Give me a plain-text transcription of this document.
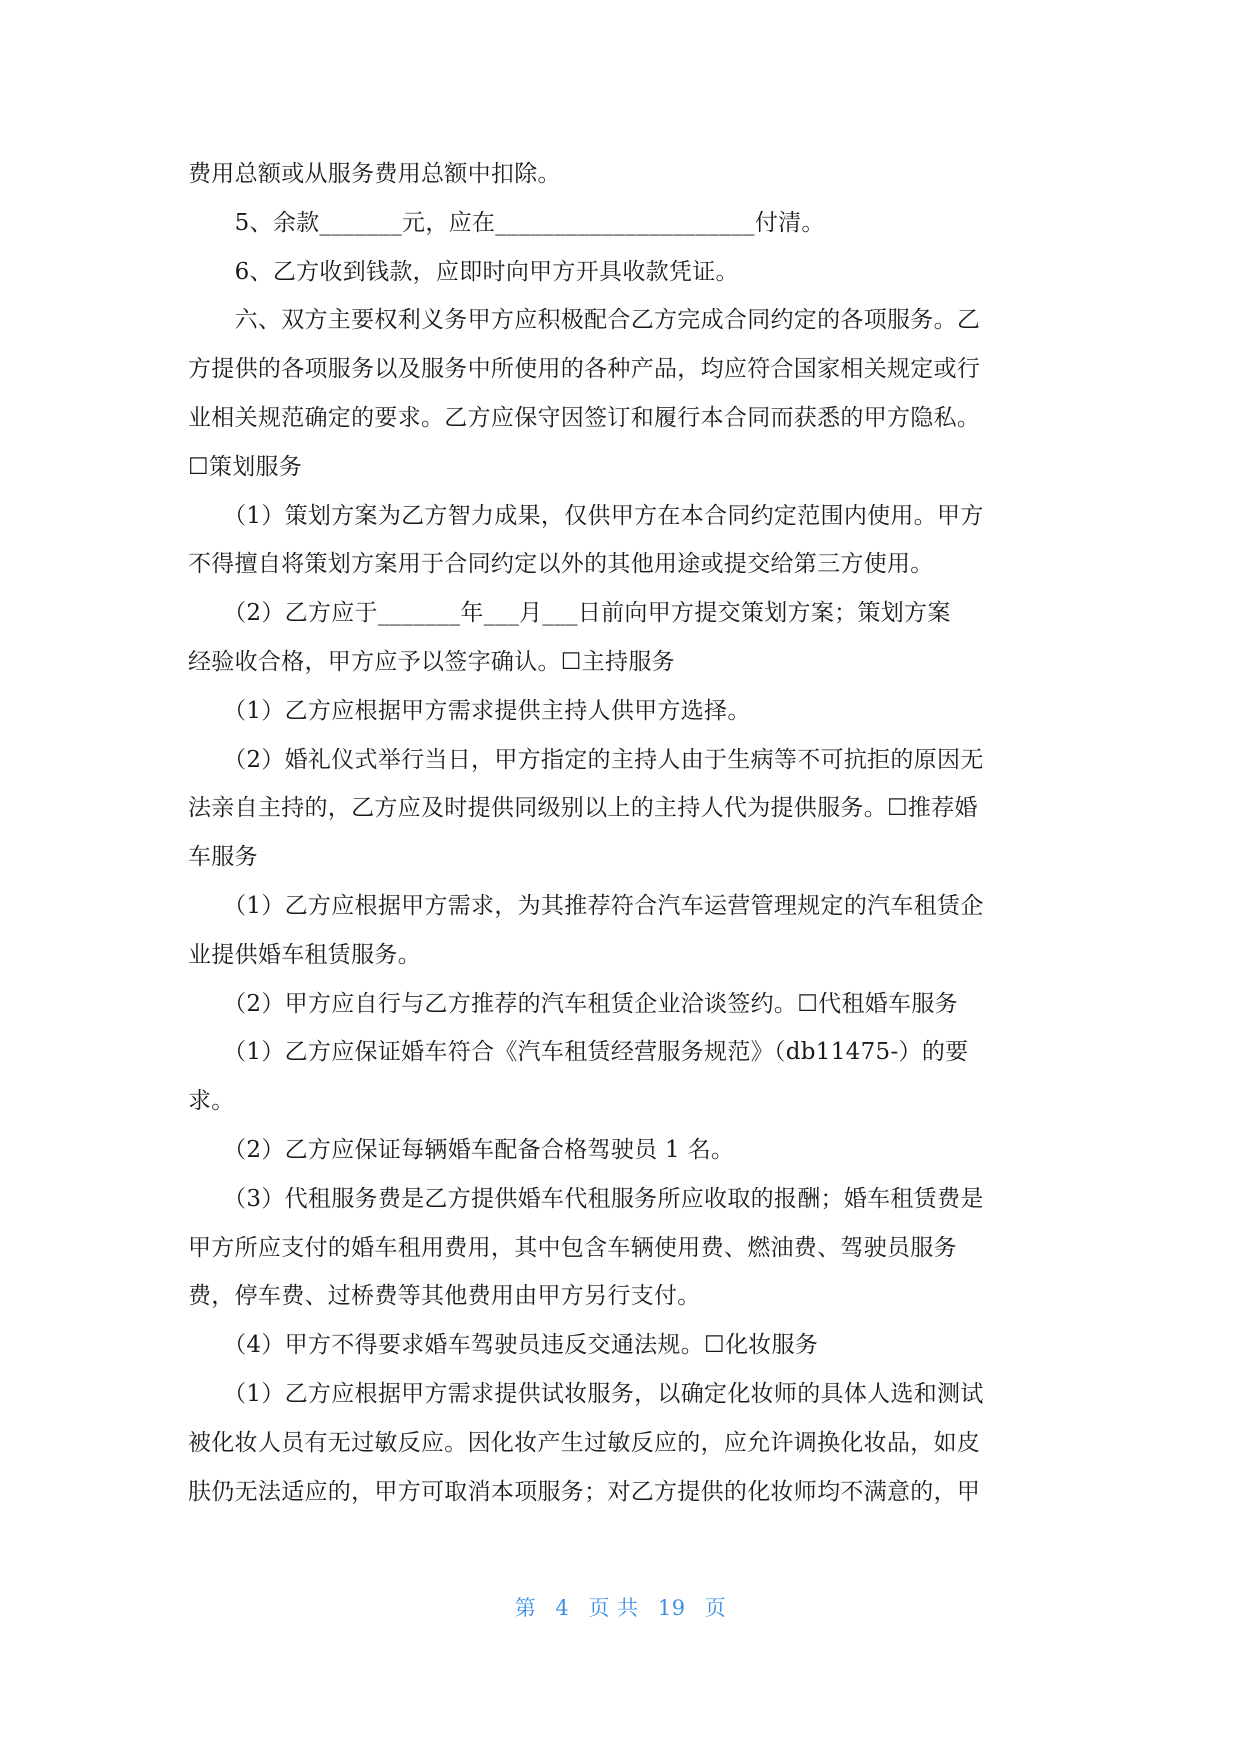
费用总额或从服务费用总额中扣除。
　　5、余款_______元，应在______________________付清。
　　6、乙方收到钱款，应即时向甲方开具收款凭证。
　　六、双方主要权利义务甲方应积极配合乙方完成合同约定的各项服务。乙
方提供的各项服务以及服务中所使用的各种产品，均应符合国家相关规定或行
业相关规范确定的要求。乙方应保守因签订和履行本合同而获悉的甲方隐私。
☐策划服务
　　（1）策划方案为乙方智力成果，仅供甲方在本合同约定范围内使用。甲方
不得擅自将策划方案用于合同约定以外的其他用途或提交给第三方使用。
　　（2）乙方应于_______年___月___日前向甲方提交策划方案；策划方案
经验收合格，甲方应予以签字确认。☐主持服务
　　（1）乙方应根据甲方需求提供主持人供甲方选择。
　　（2）婚礼仪式举行当日，甲方指定的主持人由于生病等不可抗拒的原因无
法亲自主持的，乙方应及时提供同级别以上的主持人代为提供服务。☐推荐婚
车服务
　　（1）乙方应根据甲方需求，为其推荐符合汽车运营管理规定的汽车租赁企
业提供婚车租赁服务。
　　（2）甲方应自行与乙方推荐的汽车租赁企业洽谈签约。☐代租婚车服务
　　（1）乙方应保证婚车符合《汽车租赁经营服务规范》（db11475-）的要
求。
　　（2）乙方应保证每辆婚车配备合格驾驶员 1 名。
　　（3）代租服务费是乙方提供婚车代租服务所应收取的报酬；婚车租赁费是
甲方所应支付的婚车租用费用，其中包含车辆使用费、燃油费、驾驶员服务
费，停车费、过桥费等其他费用由甲方另行支付。
　　（4）甲方不得要求婚车驾驶员违反交通法规。☐化妆服务
　　（1）乙方应根据甲方需求提供试妆服务，以确定化妆师的具体人选和测试
被化妆人员有无过敏反应。因化妆产生过敏反应的，应允许调换化妆品，如皮
肤仍无法适应的，甲方可取消本项服务；对乙方提供的化妆师均不满意的，甲
第 4 页 共 19 页
